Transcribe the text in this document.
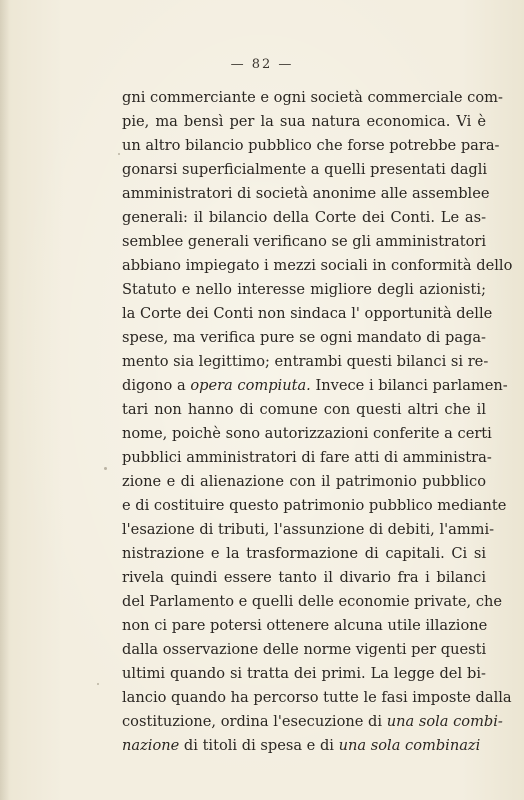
— 82 —
gni commerciante e ogni società commerciale com-
pie, ma bensì per la sua natura economica. Vi è
un altro bilancio pubblico che forse potrebbe para-
gonarsi superficialmente a quelli presentati dagli
amministratori di società anonime alle assemblee
generali: il bilancio della Corte dei Conti. Le as-
semblee generali verificano se gli amministratori
abbiano impiegato i mezzi sociali in conformità dello
Statuto e nello interesse migliore degli azionisti;
la Corte dei Conti non sindaca l' opportunità delle
spese, ma verifica pure se ogni mandato di paga-
mento sia legittimo; entrambi questi bilanci si re-
digono a opera compiuta. Invece i bilanci parlamen-
tari non hanno di comune con questi altri che il
nome, poichè sono autorizzazioni conferite a certi
pubblici amministratori di fare atti di amministra-
zione e di alienazione con il patrimonio pubblico
e di costituire questo patrimonio pubblico mediante
l'esazione di tributi, l'assunzione di debiti, l'ammi-
nistrazione e la trasformazione di capitali. Ci si
rivela quindi essere tanto il divario fra i bilanci
del Parlamento e quelli delle economie private, che
non ci pare potersi ottenere alcuna utile illazione
dalla osservazione delle norme vigenti per questi
ultimi quando si tratta dei primi. La legge del bi-
lancio quando ha percorso tutte le fasi imposte dalla
costituzione, ordina l'esecuzione di una sola combi-
nazione di titoli di spesa e di una sola combinazi
